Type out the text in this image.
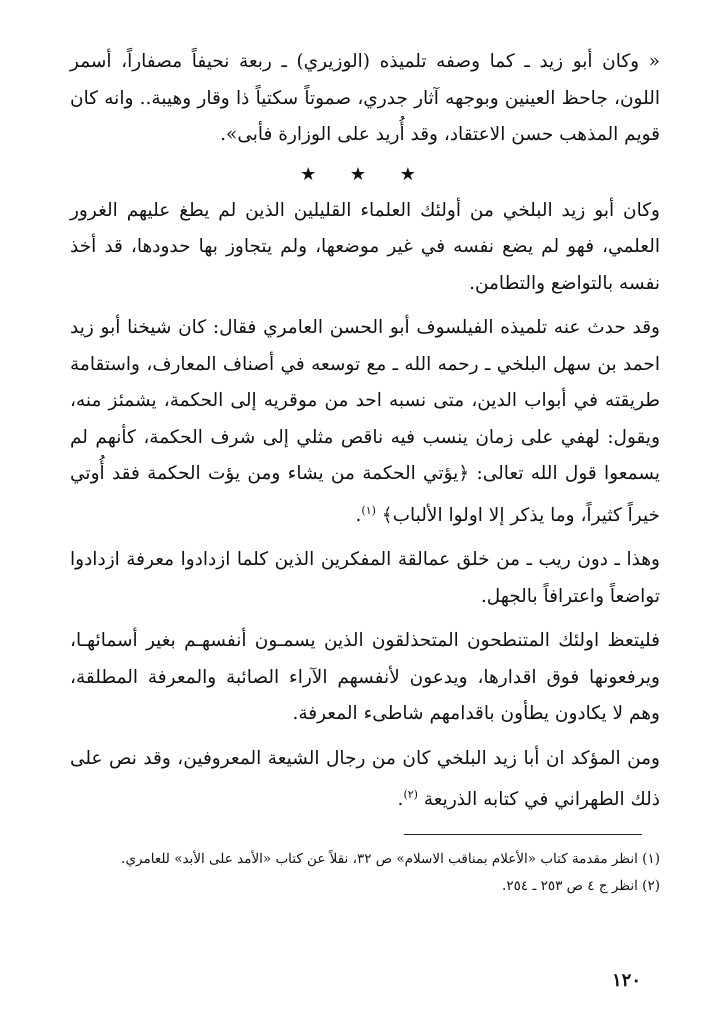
« وكان أبو زيد ـ كما وصفه تلميذه (الوزيري) ـ ربعة نحيفاً مصفاراً، أسمر اللون، جاحظ العينين وبوجهه آثار جدري، صموتاً سكتياً ذا وقار وهيبة.. وانه كان قويم المذهب حسن الاعتقاد، وقد أُريد على الوزارة فأبى».

★ ★ ★

وكان أبو زيد البلخي من أولئك العلماء القليلين الذين لم يطغ عليهم الغرور العلمي، فهو لم يضع نفسه في غير موضعها، ولم يتجاوز بها حدودها، قد أخذ نفسه بالتواضع والتطامن.

وقد حدث عنه تلميذه الفيلسوف أبو الحسن العامري فقال: كان شيخنا أبو زيد احمد بن سهل البلخي ـ رحمه الله ـ مع توسعه في أصناف المعارف، واستقامة طريقته في أبواب الدين، متى نسبه احد من موقريه إلى الحكمة، يشمئز منه، ويقول: لهفي على زمان ينسب فيه ناقص مثلي إلى شرف الحكمة، كأنهم لم يسمعوا قول الله تعالى: ﴿يؤتي الحكمة من يشاء ومن يؤت الحكمة فقد أُوتي خيراً كثيراً، وما يذكر إلا اولوا الألباب﴾ $^{(١)}$.

وهذا ـ دون ريب ـ من خلق عمالقة المفكرين الذين كلما ازدادوا معرفة ازدادوا تواضعاً واعترافاً بالجهل.

فليتعظ اولئك المتنطحون المتحذلقون الذين يسمـون أنفسهـم بغير أسمائهـا، ويرفعونها فوق اقدارها، ويدعون لأنفسهم الآراء الصائبة والمعرفة المطلقة، وهم لا يكادون يطأون باقدامهم شاطىء المعرفة.

ومن المؤكد ان أبا زيد البلخي كان من رجال الشيعة المعروفين، وقد نص على ذلك الطهراني في كتابه الذريعة $^{(٢)}$.

(١) انظر مقدمة كتاب «الأعلام بمناقب الاسلام» ص ٣٢، نقلاً عن كتاب «الأمد على الأبد» للعامري.

(٢) انظر ج ٤ ص ٢٥٣ ـ ٢٥٤.

١٢٠
